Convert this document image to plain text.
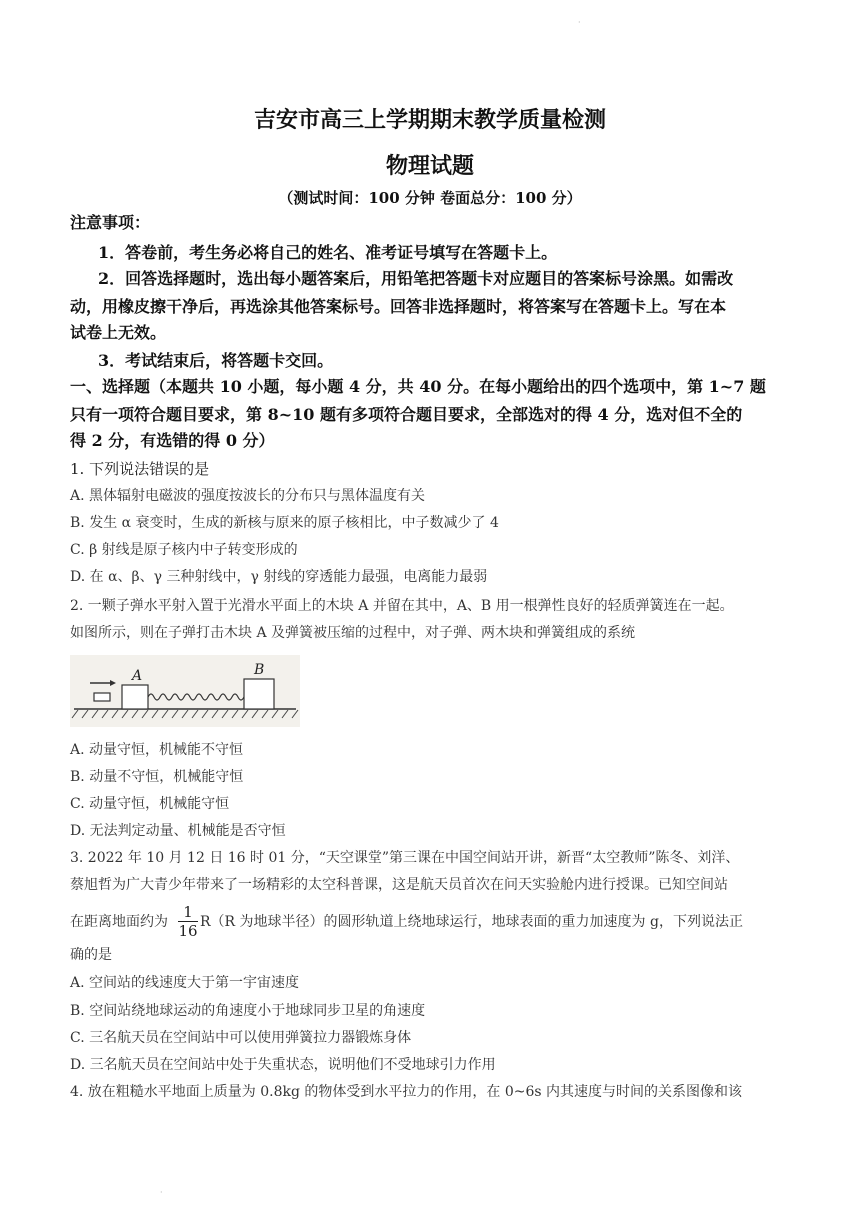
·
·
吉安市高三上学期期末教学质量检测
物理试题
（测试时间：100 分钟 卷面总分：100 分）
注意事项：
1．答卷前，考生务必将自己的姓名、准考证号填写在答题卡上。
2．回答选择题时，选出每小题答案后，用铅笔把答题卡对应题目的答案标号涂黑。如需改
动，用橡皮擦干净后，再选涂其他答案标号。回答非选择题时，将答案写在答题卡上。写在本
试卷上无效。
3．考试结束后，将答题卡交回。
一、选择题（本题共 10 小题，每小题 4 分，共 40 分。在每小题给出的四个选项中，第 1~7 题
只有一项符合题目要求，第 8~10 题有多项符合题目要求，全部选对的得 4 分，选对但不全的
得 2 分，有选错的得 0 分）
1. 下列说法错误的是
A. 黑体辐射电磁波的强度按波长的分布只与黑体温度有关
B. 发生 α 衰变时，生成的新核与原来的原子核相比，中子数减少了 4
C. β 射线是原子核内中子转变形成的
D. 在 α、β、γ 三种射线中，γ 射线的穿透能力最强，电离能力最弱
2. 一颗子弹水平射入置于光滑水平面上的木块 A 并留在其中，A、B 用一根弹性良好的轻质弹簧连在一起。
如图所示，则在子弹打击木块 A 及弹簧被压缩的过程中，对子弹、两木块和弹簧组成的系统
A	B
A. 动量守恒，机械能不守恒
B. 动量不守恒，机械能守恒
C. 动量守恒，机械能守恒
D. 无法判定动量、机械能是否守恒
3. 2022 年 10 月 12 日 16 时 01 分，“天空课堂”第三课在中国空间站开讲，新晋“太空教师”陈冬、刘洋、
蔡旭哲为广大青少年带来了一场精彩的太空科普课，这是航天员首次在问天实验舱内进行授课。已知空间站
在距离地面约为 $\frac{1}{16} R(R$ 为地球半径）的圆形轨道上绕地球运行，地球表面的重力加速度为 g，下列说法正
确的是
A. 空间站的线速度大于第一宇宙速度
B. 空间站绕地球运动的角速度小于地球同步卫星的角速度
C. 三名航天员在空间站中可以使用弹簧拉力器锻炼身体
D. 三名航天员在空间站中处于失重状态，说明他们不受地球引力作用
4. 放在粗糙水平地面上质量为 0.8kg 的物体受到水平拉力的作用，在 0~6s 内其速度与时间的关系图像和该
